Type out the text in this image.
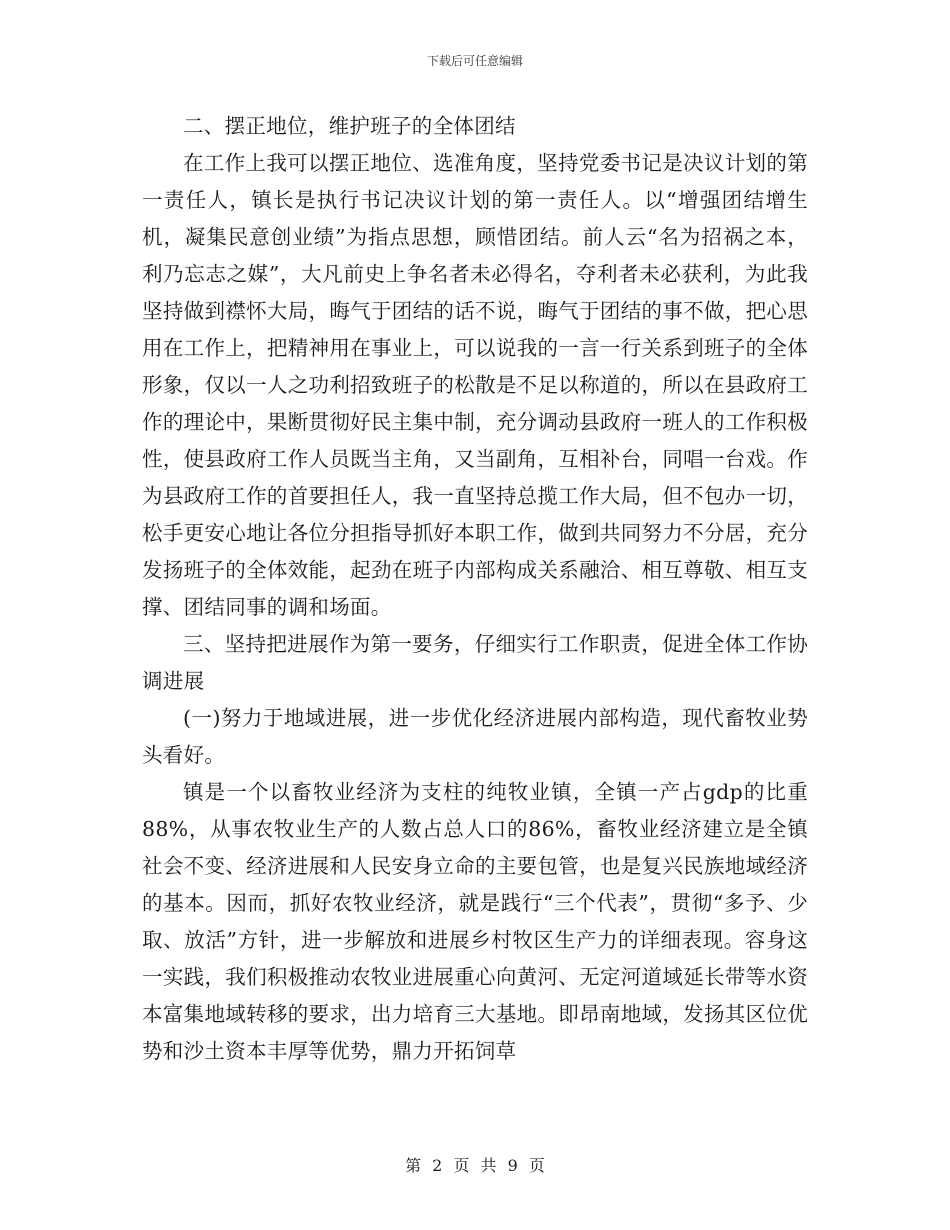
下载后可任意编辑

二、摆正地位，维护班子的全体团结

在工作上我可以摆正地位、选准角度，坚持党委书记是决议计划的第一责任人，镇长是执行书记决议计划的第一责任人。以“增强团结增生机，凝集民意创业绩”为指点思想，顾惜团结。前人云“名为招祸之本，利乃忘志之媒”，大凡前史上争名者未必得名，夺利者未必获利，为此我坚持做到襟怀大局，晦气于团结的话不说，晦气于团结的事不做，把心思用在工作上，把精神用在事业上，可以说我的一言一行关系到班子的全体形象，仅以一人之功利招致班子的松散是不足以称道的，所以在县政府工作的理论中，果断贯彻好民主集中制，充分调动县政府一班人的工作积极性，使县政府工作人员既当主角，又当副角，互相补台，同唱一台戏。作为县政府工作的首要担任人，我一直坚持总揽工作大局，但不包办一切，松手更安心地让各位分担指导抓好本职工作，做到共同努力不分居，充分发扬班子的全体效能，起劲在班子内部构成关系融洽、相互尊敬、相互支撑、团结同事的调和场面。

三、坚持把进展作为第一要务，仔细实行工作职责，促进全体工作协调进展

(一)努力于地域进展，进一步优化经济进展内部构造，现代畜牧业势头看好。

镇是一个以畜牧业经济为支柱的纯牧业镇，全镇一产占gdp的比重88%，从事农牧业生产的人数占总人口的86%，畜牧业经济建立是全镇社会不变、经济进展和人民安身立命的主要包管，也是复兴民族地域经济的基本。因而，抓好农牧业经济，就是践行“三个代表”，贯彻“多予、少取、放活”方针，进一步解放和进展乡村牧区生产力的详细表现。容身这一实践，我们积极推动农牧业进展重心向黄河、无定河道域延长带等水资本富集地域转移的要求，出力培育三大基地。即昂南地域，发扬其区位优势和沙土资本丰厚等优势，鼎力开拓饲草

第 2 页 共 9 页
